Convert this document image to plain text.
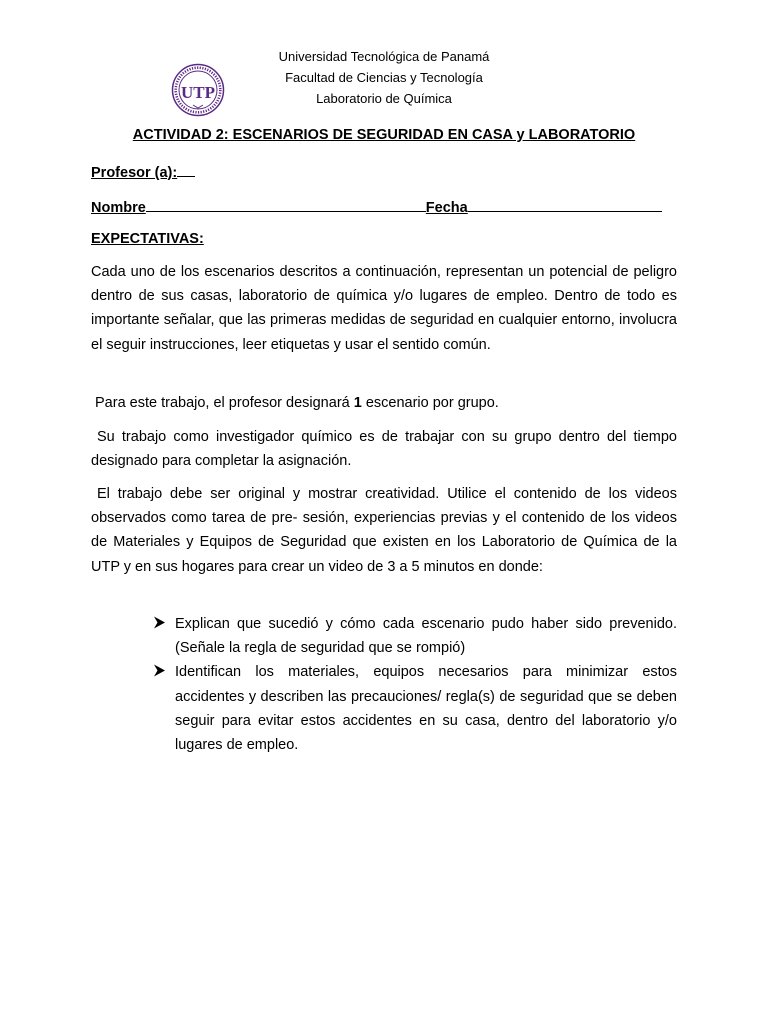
UTP
Universidad Tecnológica de Panamá
Facultad de Ciencias y Tecnología
Laboratorio de Química
ACTIVIDAD 2: ESCENARIOS DE SEGURIDAD EN CASA y LABORATORIO
Profesor (a):
Nombre	Fecha
EXPECTATIVAS:

Cada uno de los escenarios descritos a continuación, representan un potencial de peligro dentro de sus casas, laboratorio de química y/o lugares de empleo. Dentro de todo es importante señalar, que las primeras medidas de seguridad en cualquier entorno, involucra el seguir instrucciones, leer etiquetas y usar el sentido común.

Para este trabajo, el profesor designará 1 escenario por grupo.

Su trabajo como investigador químico es de trabajar con su grupo dentro del tiempo designado para completar la asignación.

El trabajo debe ser original y mostrar creatividad. Utilice el contenido de los videos observados como tarea de pre- sesión, experiencias previas y el contenido de los videos de Materiales y Equipos de Seguridad que existen en los Laboratorio de Química de la UTP y en sus hogares para crear un video de 3 a 5 minutos en donde:

Explican que sucedió y cómo cada escenario pudo haber sido prevenido. (Señale la regla de seguridad que se rompió)
Identifican los materiales, equipos necesarios para minimizar estos accidentes y describen las precauciones/ regla(s) de seguridad que se deben seguir para evitar estos accidentes en su casa, dentro del laboratorio y/o lugares de empleo.
